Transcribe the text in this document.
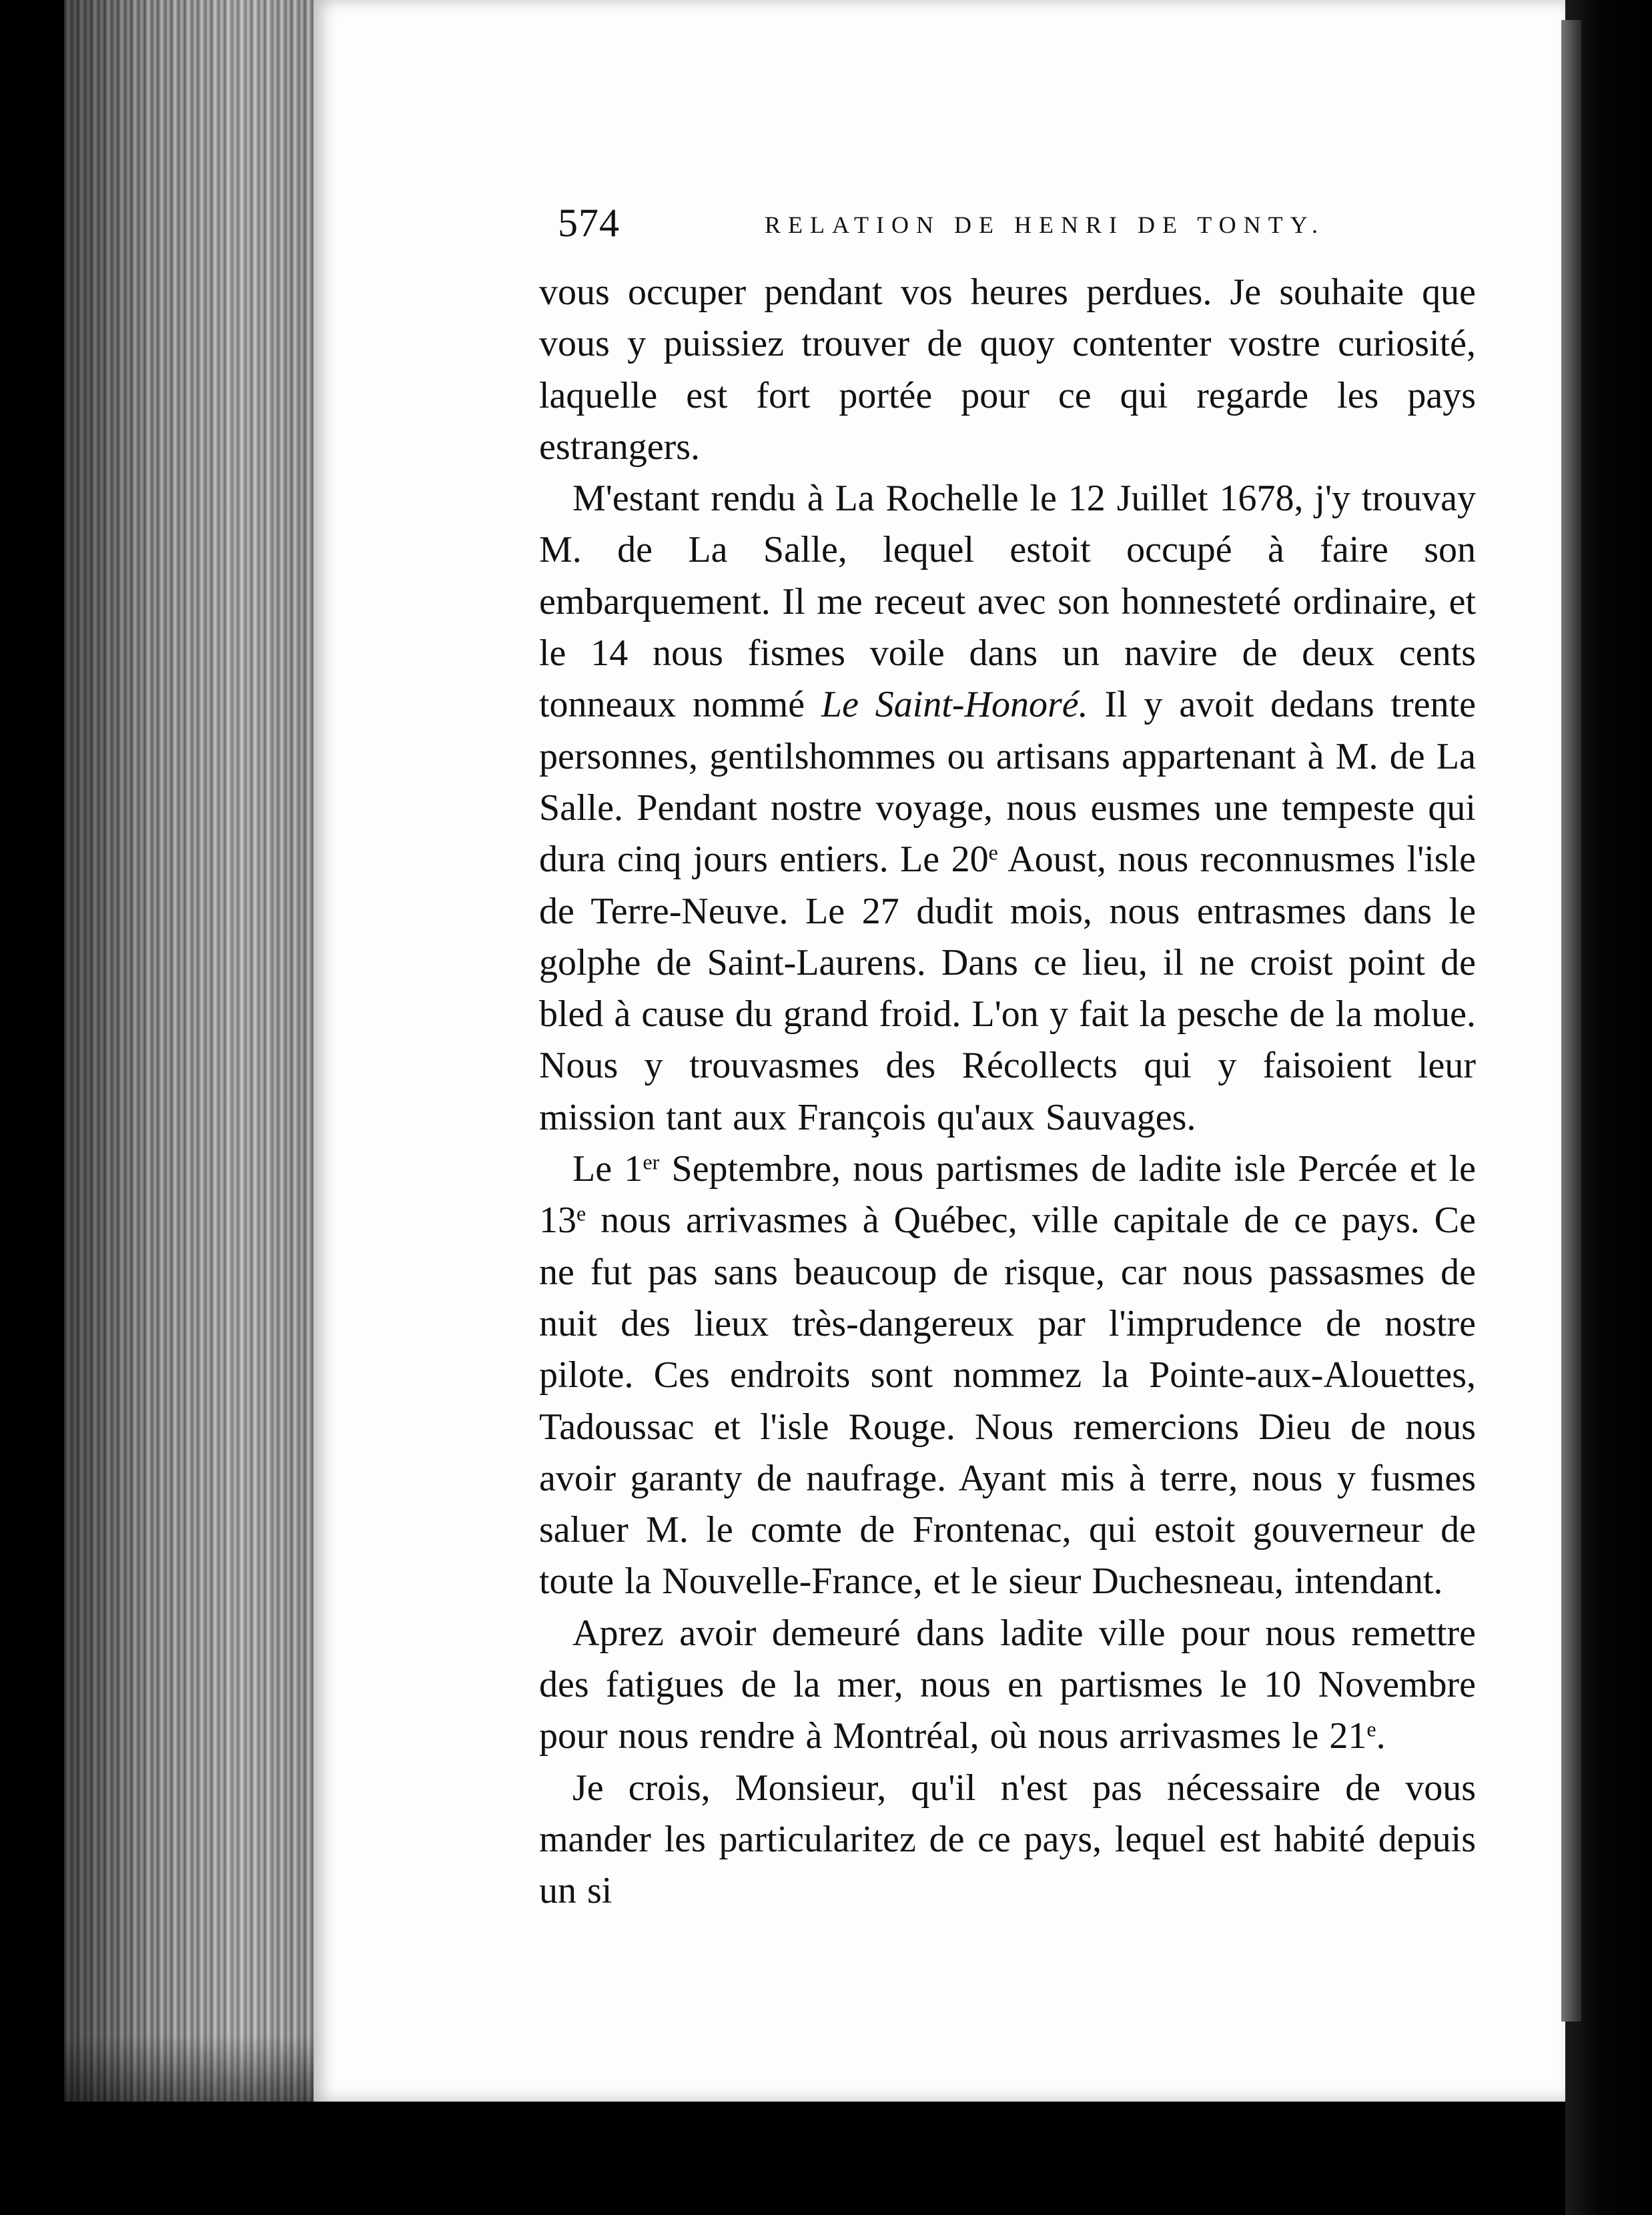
574	RELATION DE HENRI DE TONTY.

vous occuper pendant vos heures perdues. Je souhaite que vous y puissiez trouver de quoy contenter vostre curiosité, laquelle est fort portée pour ce qui regarde les pays estrangers.

M'estant rendu à La Rochelle le 12 Juillet 1678, j'y trouvay M. de La Salle, lequel estoit occupé à faire son embarquement. Il me receut avec son honnesteté ordinaire, et le 14 nous fismes voile dans un navire de deux cents tonneaux nommé Le Saint-Honoré. Il y avoit dedans trente personnes, gentilshommes ou artisans appartenant à M. de La Salle. Pendant nostre voyage, nous eusmes une tempeste qui dura cinq jours entiers. Le 20e Aoust, nous reconnusmes l'isle de Terre-Neuve. Le 27 dudit mois, nous entrasmes dans le golphe de Saint-Laurens. Dans ce lieu, il ne croist point de bled à cause du grand froid. L'on y fait la pesche de la molue. Nous y trouvasmes des Récollects qui y faisoient leur mission tant aux François qu'aux Sauvages.

Le 1er Septembre, nous partismes de ladite isle Percée et le 13e nous arrivasmes à Québec, ville capitale de ce pays. Ce ne fut pas sans beaucoup de risque, car nous passasmes de nuit des lieux très-dangereux par l'imprudence de nostre pilote. Ces endroits sont nommez la Pointe-aux-Alouettes, Tadoussac et l'isle Rouge. Nous remercions Dieu de nous avoir garanty de naufrage. Ayant mis à terre, nous y fusmes saluer M. le comte de Frontenac, qui estoit gouverneur de toute la Nouvelle-France, et le sieur Duchesneau, intendant.

Aprez avoir demeuré dans ladite ville pour nous remettre des fatigues de la mer, nous en partismes le 10 Novembre pour nous rendre à Montréal, où nous arrivasmes le 21e.

Je crois, Monsieur, qu'il n'est pas nécessaire de vous mander les particularitez de ce pays, lequel est habité depuis un si
